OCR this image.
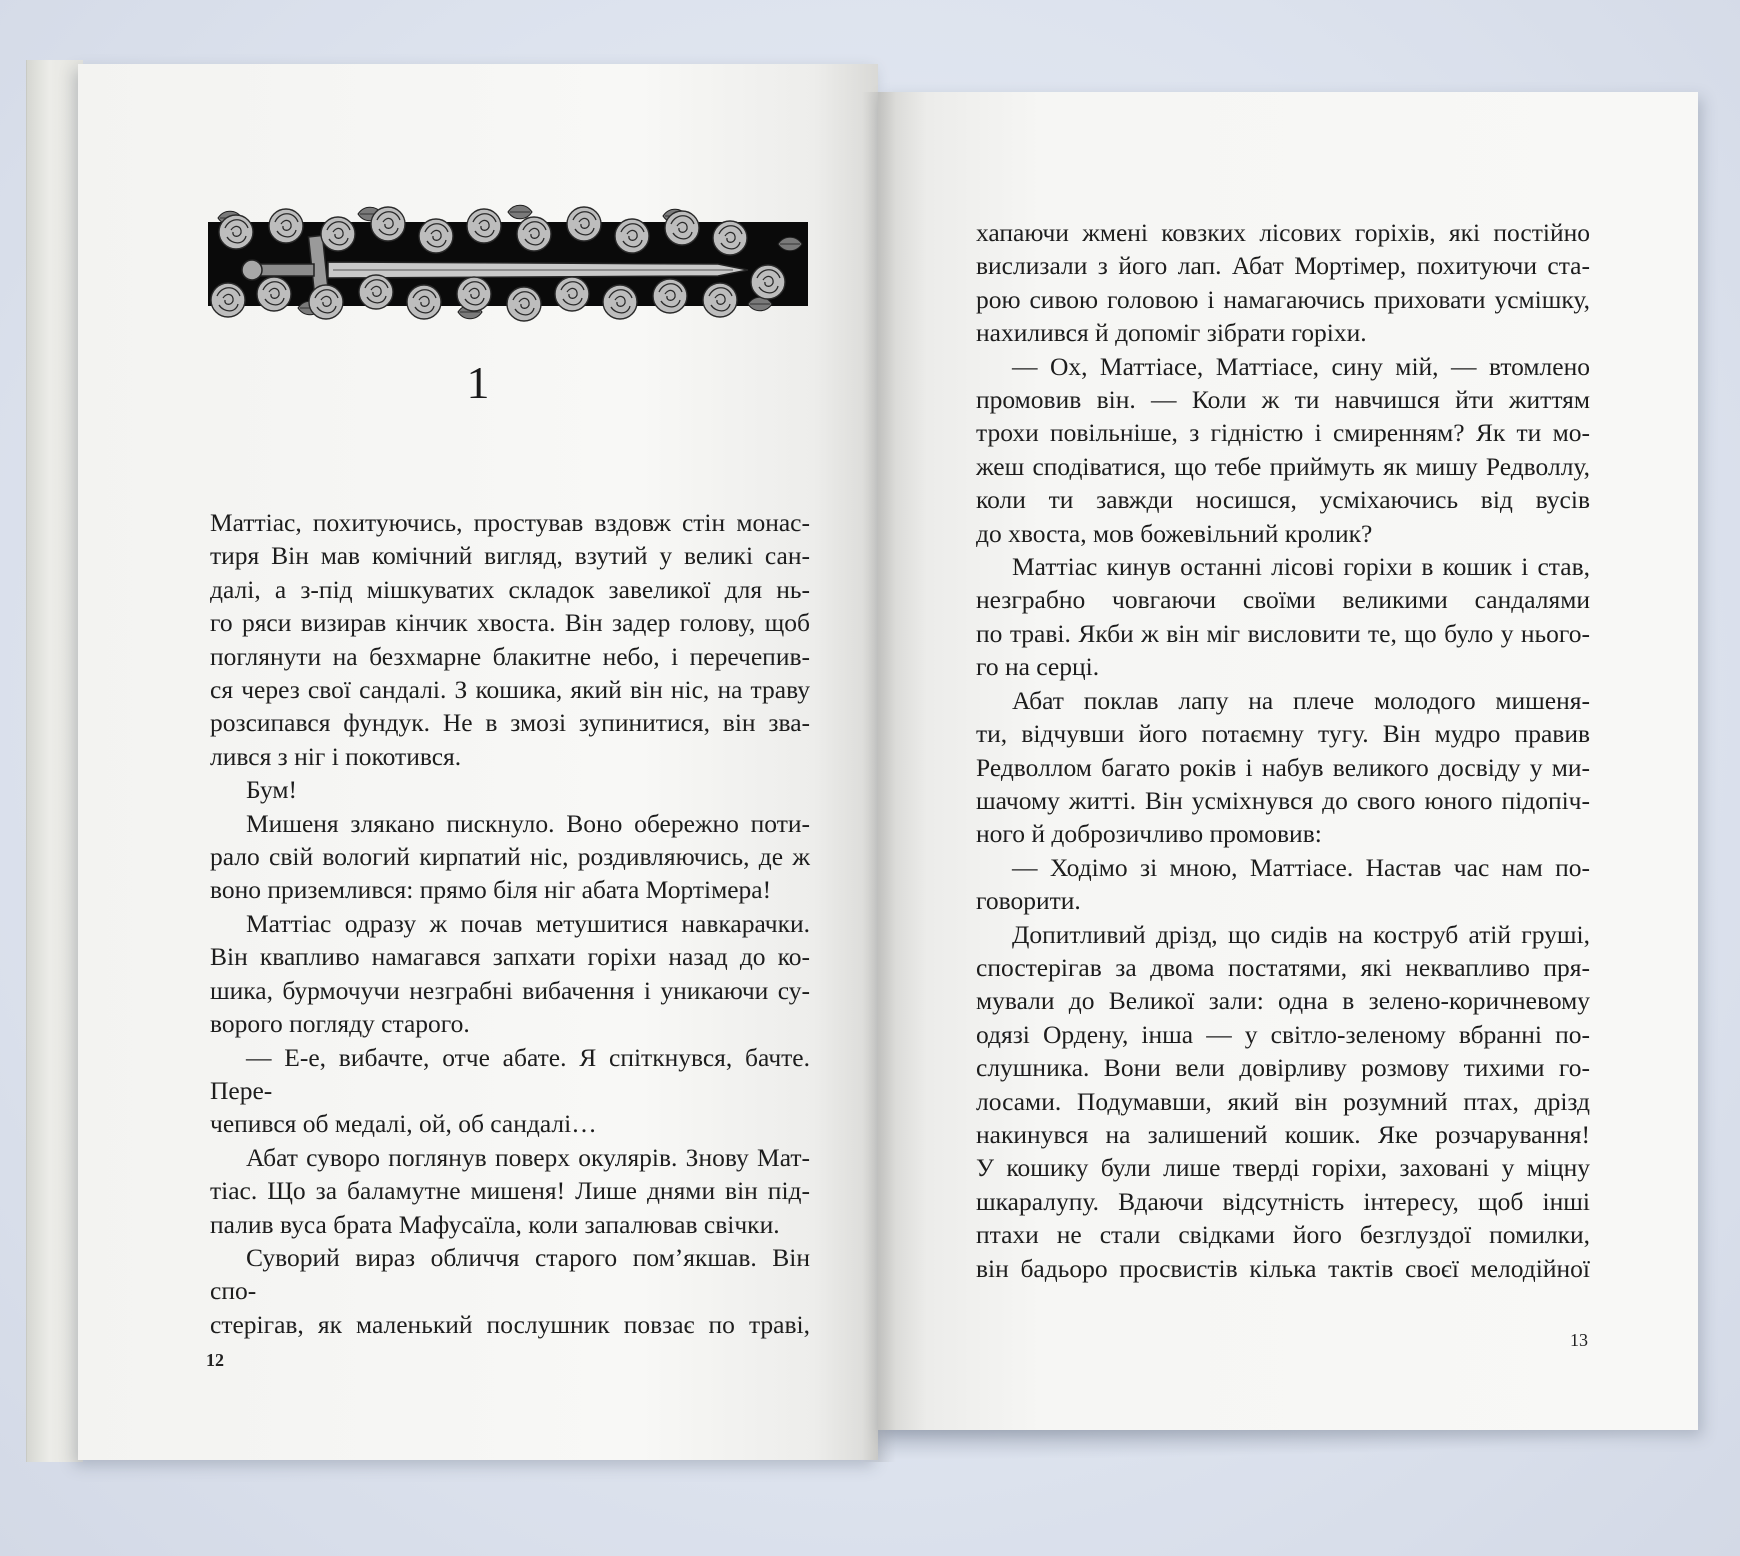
1

Маттіас, похитуючись, простував вздовж стін монас-

тиря Він мав комічний вигляд, взутий у великі сан-

далі, а з-під мішкуватих складок завеликої для нь-

го ряси визирав кінчик хвоста. Він задер голову, щоб

поглянути на безхмарне блакитне небо, і перечепив-

ся через свої сандалі. З кошика, який він ніс, на траву

розсипався фундук. Не в змозі зупинитися, він зва-

лився з ніг і покотився.

Бум!

Мишеня злякано пискнуло. Воно обережно поти-

рало свій вологий кирпатий ніс, роздивляючись, де ж

воно приземлився: прямо біля ніг абата Мортімера!

Маттіас одразу ж почав метушитися навкарачки.

Він квапливо намагався запхати горіхи назад до ко-

шика, бурмочучи незграбні вибачення і уникаючи су-

ворого погляду старого.

— Е-е, вибачте, отче абате. Я спіткнувся, бачте. Пере-

чепився об медалі, ой, об сандалі…

Абат суворо поглянув поверх окулярів. Знову Мат-

тіас. Що за баламутне мишеня! Лише днями він під-

палив вуса брата Мафусаїла, коли запалював свічки.

Суворий вираз обличчя старого пом’якшав. Він спо-

стерігав, як маленький послушник повзає по траві,

12

хапаючи жмені ковзких лісових горіхів, які постійно

вислизали з його лап. Абат Мортімер, похитуючи ста-

рою сивою головою і намагаючись приховати усмішку,

нахилився й допоміг зібрати горіхи.

— Ох, Маттіасе, Маттіасе, сину мій, — втомлено

промовив він. — Коли ж ти навчишся йти життям

трохи повільніше, з гідністю і смиренням? Як ти мо-

жеш сподіватися, що тебе приймуть як мишу Редволлу,

коли ти завжди носишся, усміхаючись від вусів

до хвоста, мов божевільний кролик?

Маттіас кинув останні лісові горіхи в кошик і став,

незграбно човгаючи своїми великими сандалями

по траві. Якби ж він міг висловити те, що було у нього-

го на серці.

Абат поклав лапу на плече молодого мишеня-

ти, відчувши його потаємну тугу. Він мудро правив

Редволлом багато років і набув великого досвіду у ми-

шачому житті. Він усміхнувся до свого юного підопіч-

ного й доброзичливо промовив:

— Ходімо зі мною, Маттіасе. Настав час нам по-

говорити.

Допитливий дрізд, що сидів на коструб атій груші,

спостерігав за двома постатями, які неквапливо пря-

мували до Великої зали: одна в зелено-коричневому

одязі Ордену, інша — у світло-зеленому вбранні по-

слушника. Вони вели довірливу розмову тихими го-

лосами. Подумавши, який він розумний птах, дрізд

накинувся на залишений кошик. Яке розчарування!

У кошику були лише тверді горіхи, заховані у міцну

шкаралупу. Вдаючи відсутність інтересу, щоб інші

птахи не стали свідками його безглуздої помилки,

він бадьоро просвистів кілька тактів своєї мелодійної

13
